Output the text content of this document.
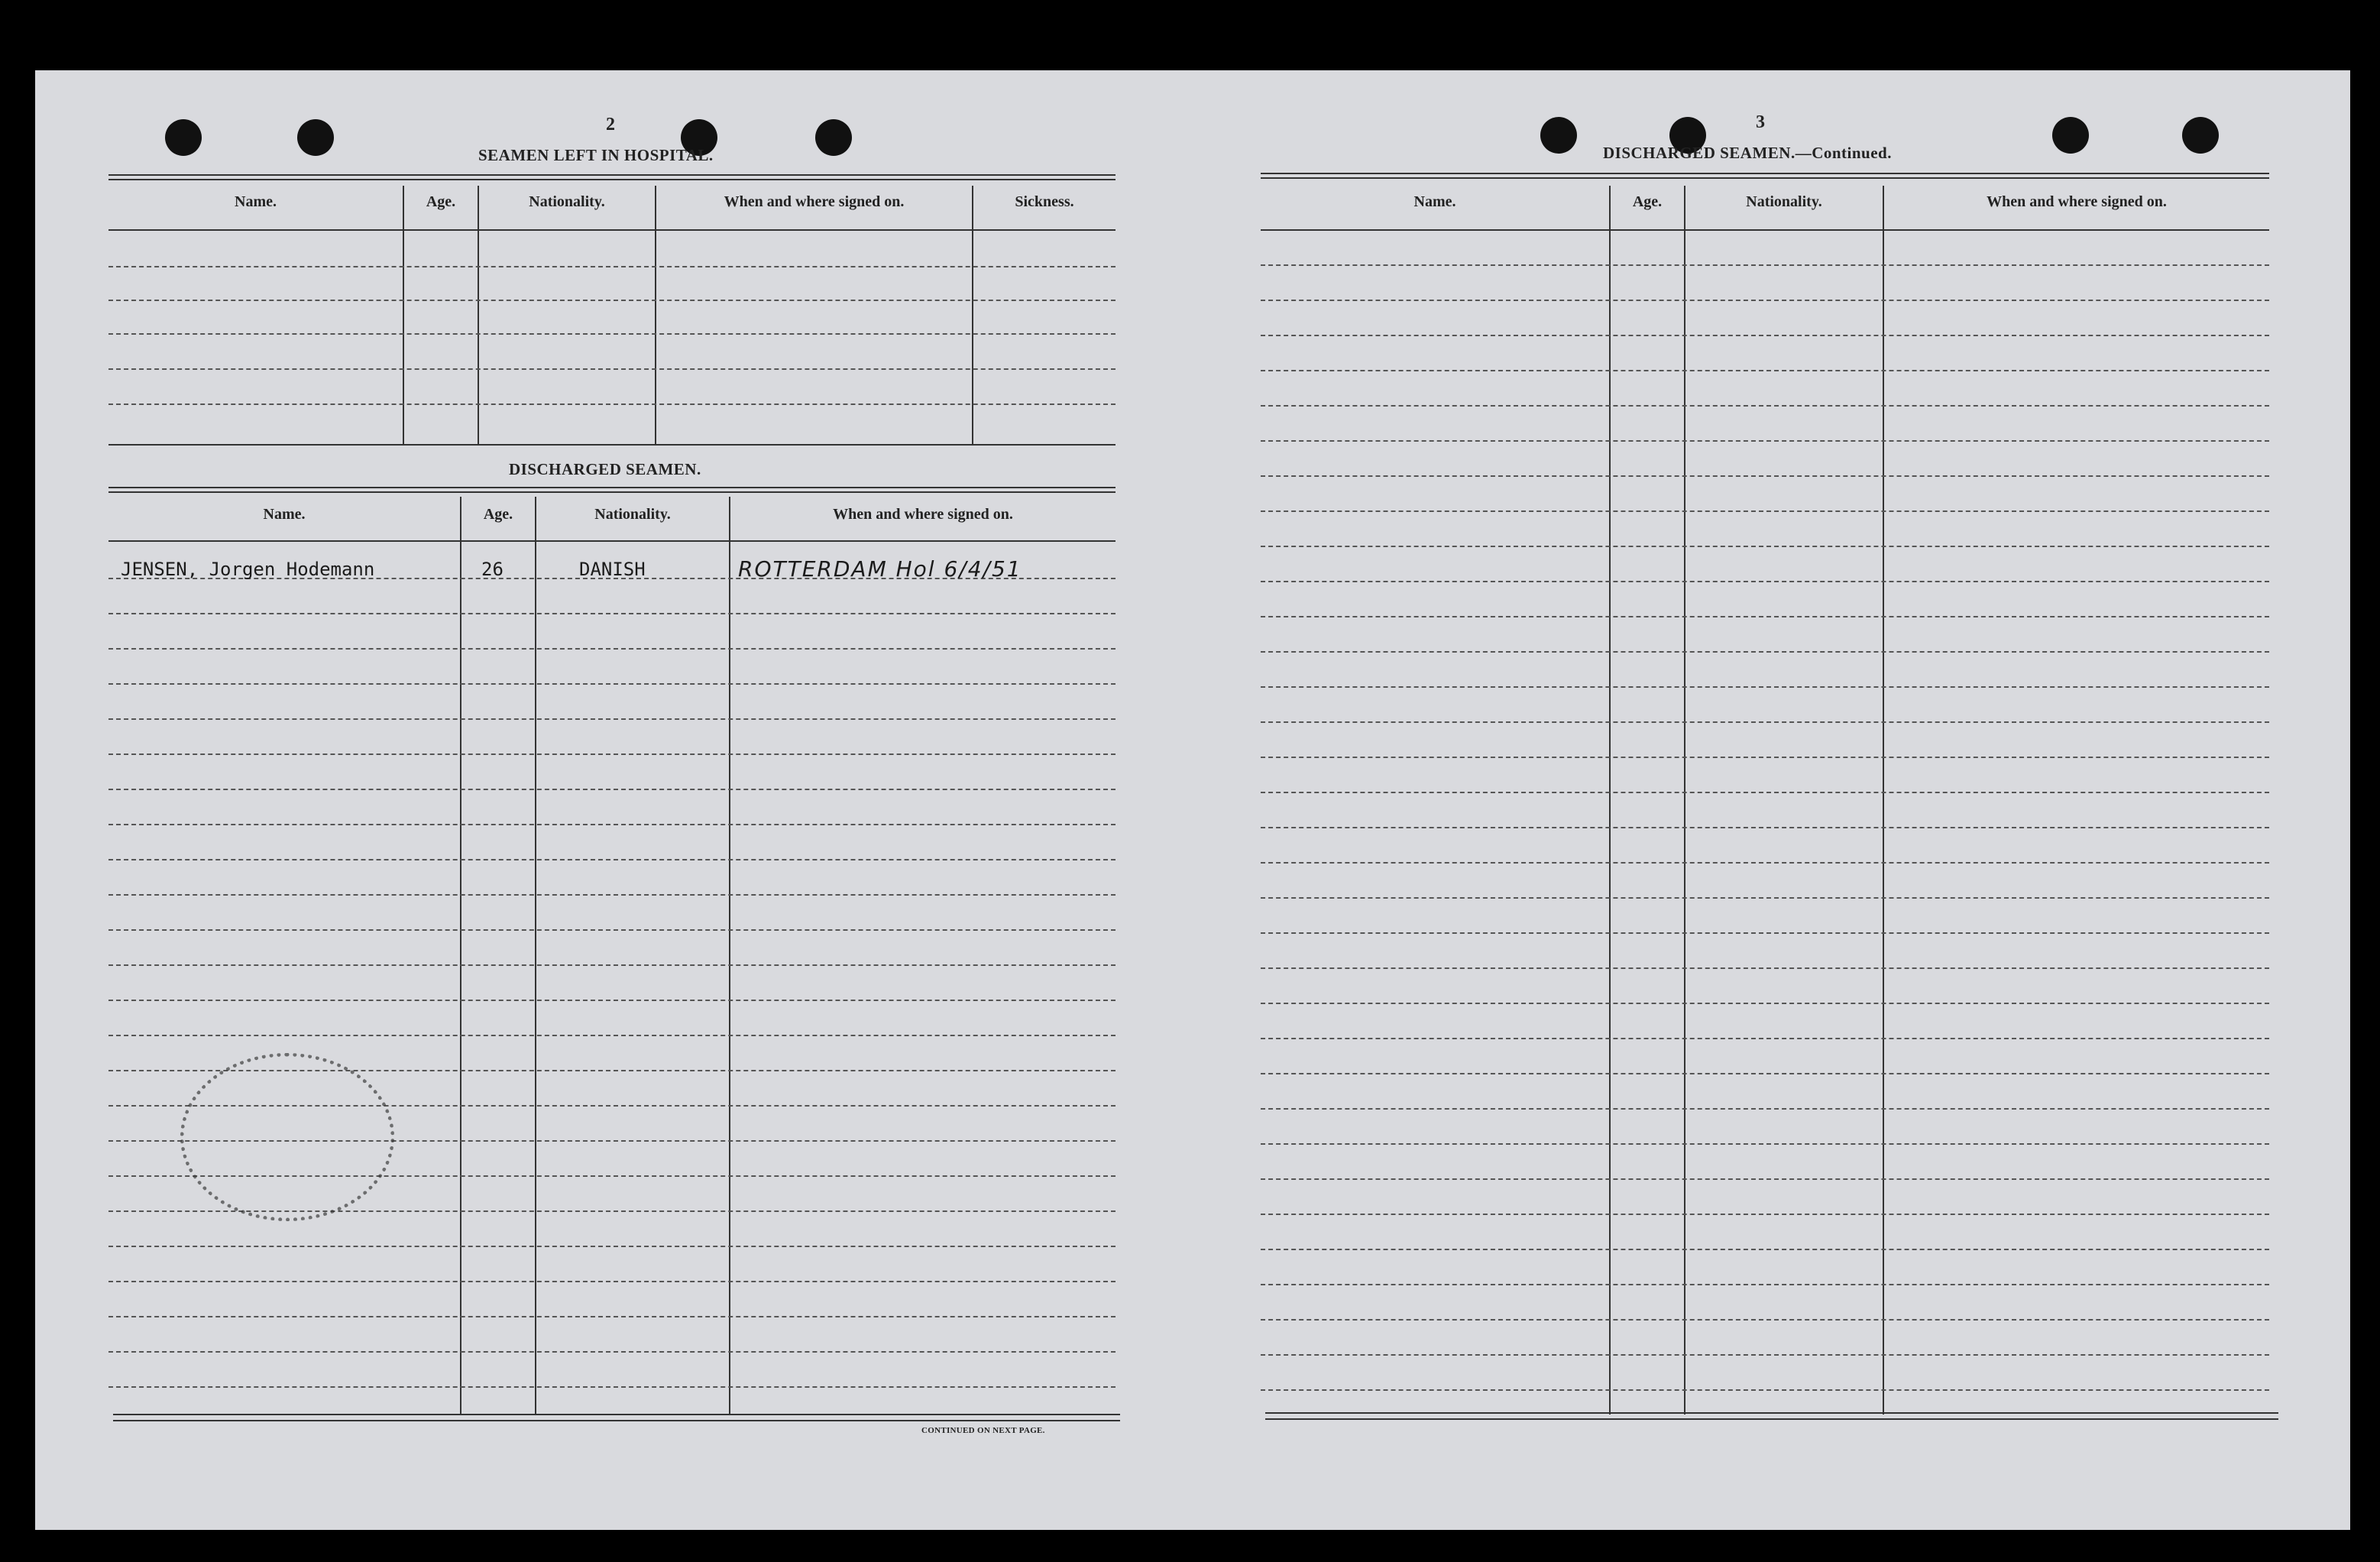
2
SEAMEN LEFT IN HOSPITAL.
Name.	Age.	Nationality.	When and where signed on.	Sickness.
DISCHARGED SEAMEN.
Name.	Age.	Nationality.	When and where signed on.
JENSEN, Jorgen Hodemann	26	DANISH	ROTTERDAM Hol 6/4/51
CONTINUED ON NEXT PAGE.
3
DISCHARGED SEAMEN.—Continued.
Name.	Age.	Nationality.	When and where signed on.
